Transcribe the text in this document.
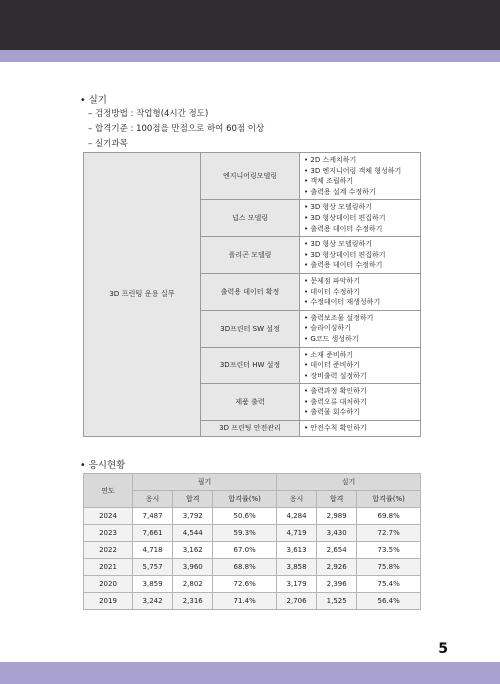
• 실기
– 검정방법 : 작업형(4시간 정도)
– 합격기준 : 100점을 만점으로 하여 60점 이상
– 실기과목
3D 프린팅 운용 실무	엔지니어링모델링	• 2D 스케치하기
• 3D 엔지니어링 객체 형성하기
• 객체 조립하기
• 출력용 설계 수정하기

	넙스 모델링	• 3D 형상 모델링하기
• 3D 형상데이터 편집하기
• 출력용 데이터 수정하기

	폴리곤 모델링	• 3D 형상 모델링하기
• 3D 형상데이터 편집하기
• 출력용 데이터 수정하기

	출력용 데이터 확정	• 문제점 파악하기
• 데이터 수정하기
• 수정데이터 재생성하기

	3D프린터 SW 설정	• 출력보조물 설정하기
• 슬라이싱하기
• G코드 생성하기

	3D프린터 HW 설정	• 소재 준비하기
• 데이터 준비하기
• 장비출력 설정하기

	제품 출력	• 출력과정 확인하기
• 출력오류 대처하기
• 출력물 회수하기

	3D 프린팅 안전관리	• 안전수칙 확인하기
• 응시현황
연도	필기			실기		
	응시	합격	합격률(%)	응시	합격	합격률(%)
2024	7,487	3,792	50.6%	4,284	2,989	69.8%
2023	7,661	4,544	59.3%	4,719	3,430	72.7%
2022	4,718	3,162	67.0%	3,613	2,654	73.5%
2021	5,757	3,960	68.8%	3,858	2,926	75.8%
2020	3,859	2,802	72.6%	3,179	2,396	75.4%
2019	3,242	2,316	71.4%	2,706	1,525	56.4%
5
